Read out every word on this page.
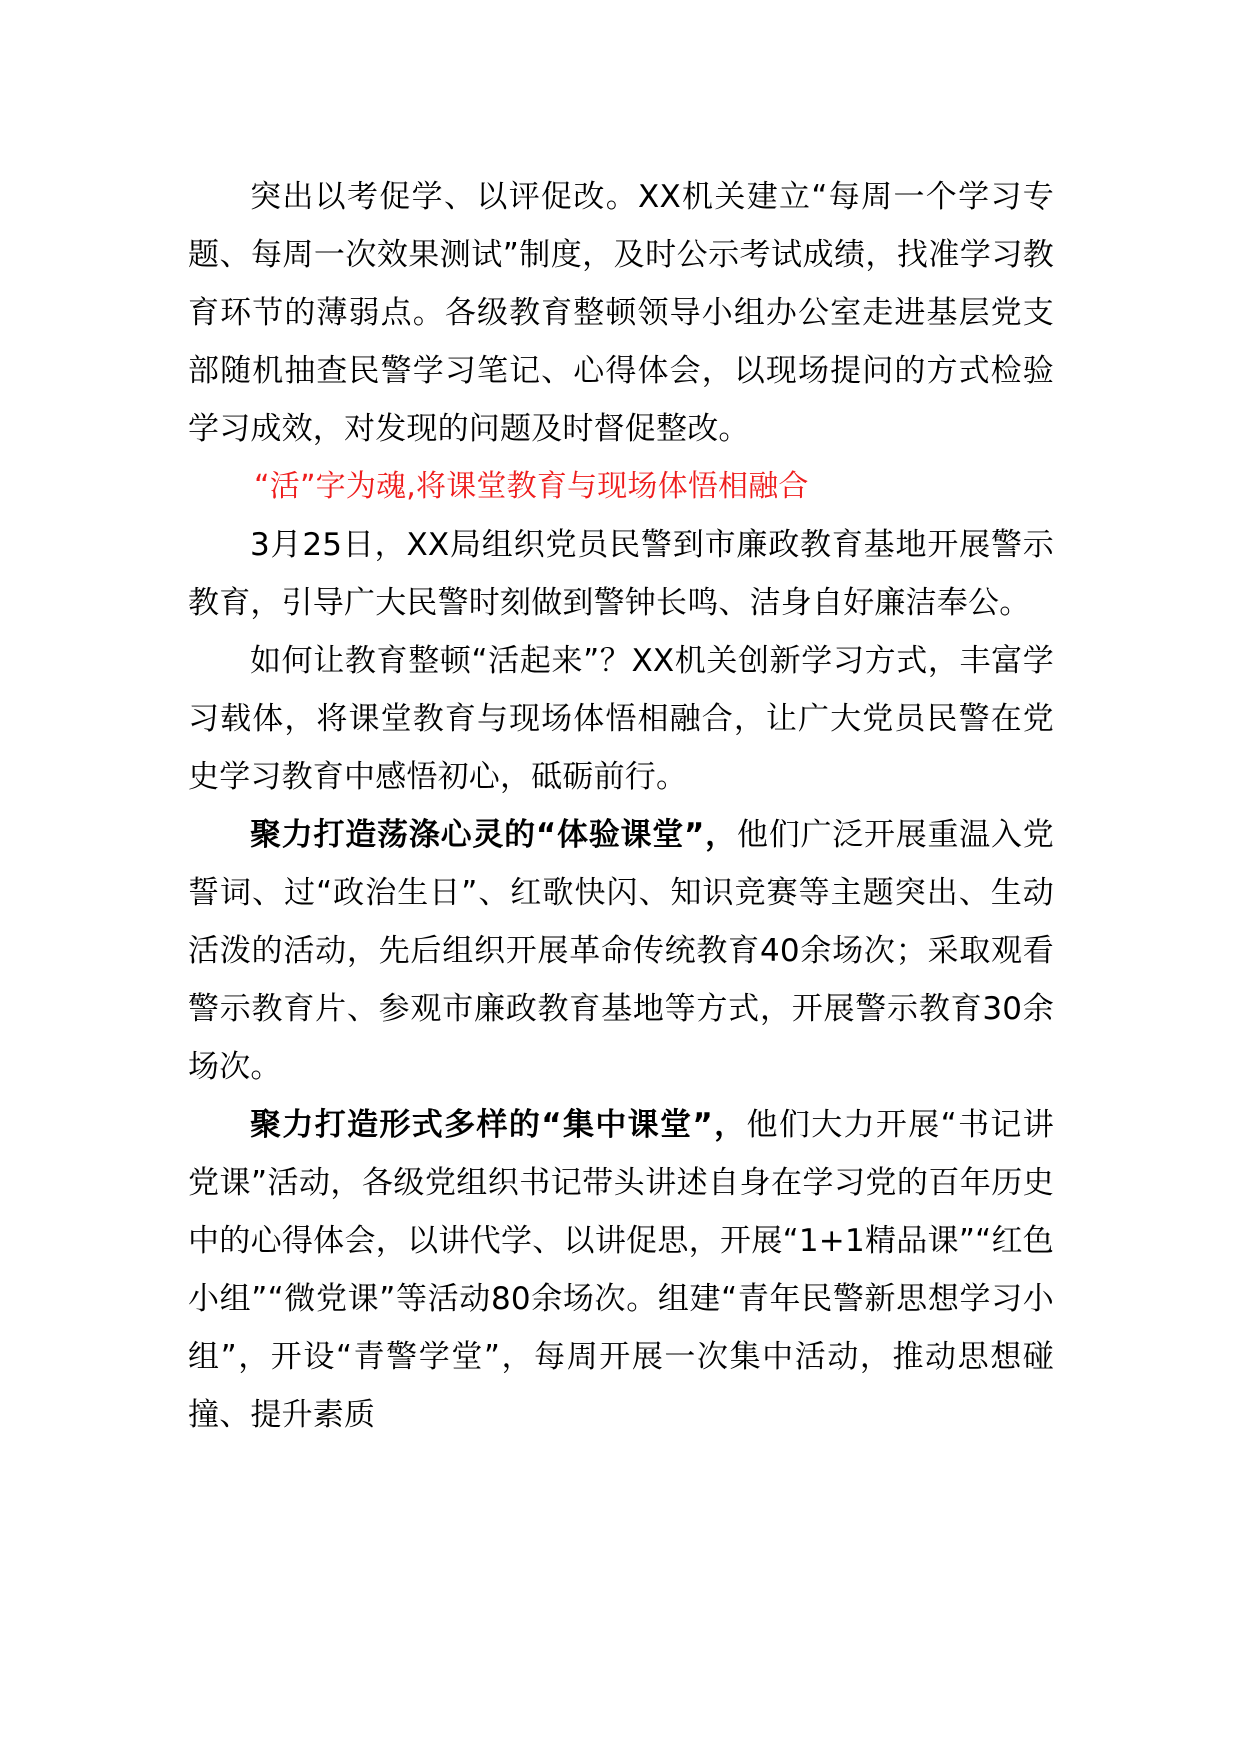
突出以考促学、以评促改。XX机关建立“每周一个学习专题、每周一次效果测试”制度，及时公示考试成绩，找准学习教育环节的薄弱点。各级教育整顿领导小组办公室走进基层党支部随机抽查民警学习笔记、心得体会，以现场提问的方式检验学习成效，对发现的问题及时督促整改。

“活”字为魂,将课堂教育与现场体悟相融合

3月25日，XX局组织党员民警到市廉政教育基地开展警示教育，引导广大民警时刻做到警钟长鸣、洁身自好廉洁奉公。

如何让教育整顿“活起来”？XX机关创新学习方式，丰富学习载体，将课堂教育与现场体悟相融合，让广大党员民警在党史学习教育中感悟初心，砥砺前行。

聚力打造荡涤心灵的“体验课堂”，他们广泛开展重温入党誓词、过“政治生日”、红歌快闪、知识竞赛等主题突出、生动活泼的活动，先后组织开展革命传统教育40余场次；采取观看警示教育片、参观市廉政教育基地等方式，开展警示教育30余场次。

聚力打造形式多样的“集中课堂”，他们大力开展“书记讲党课”活动，各级党组织书记带头讲述自身在学习党的百年历史中的心得体会，以讲代学、以讲促思，开展“1+1精品课”“红色小组”“微党课”等活动80余场次。组建“青年民警新思想学习小组”，开设“青警学堂”，每周开展一次集中活动，推动思想碰撞、提升素质
